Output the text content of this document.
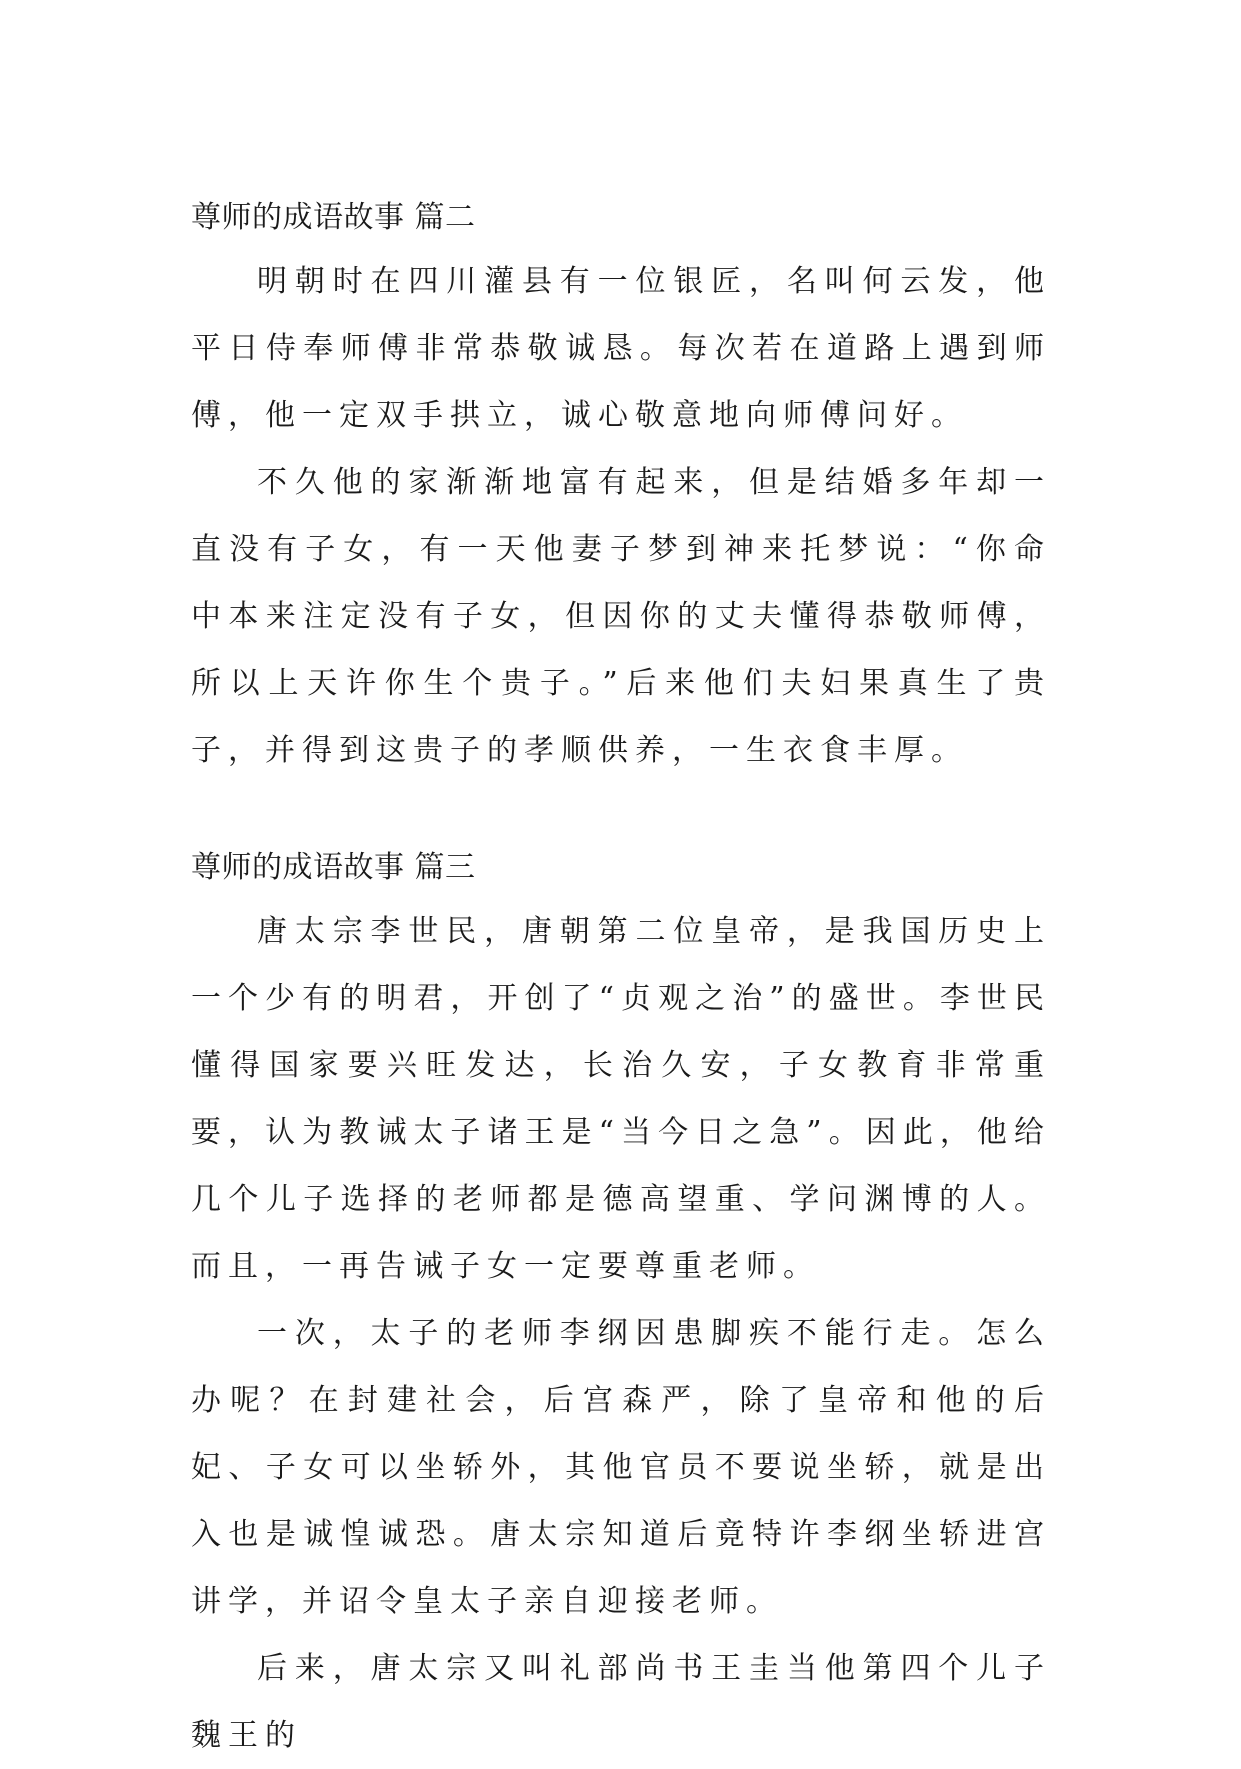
尊师的成语故事 篇二

明朝时在四川灌县有一位银匠，名叫何云发，他平日侍奉师傅非常恭敬诚恳。每次若在道路上遇到师傅，他一定双手拱立，诚心敬意地向师傅问好。

不久他的家渐渐地富有起来，但是结婚多年却一直没有子女，有一天他妻子梦到神来托梦说：“你命中本来注定没有子女，但因你的丈夫懂得恭敬师傅，所以上天许你生个贵子。”后来他们夫妇果真生了贵子，并得到这贵子的孝顺供养，一生衣食丰厚。

尊师的成语故事 篇三

唐太宗李世民，唐朝第二位皇帝，是我国历史上一个少有的明君，开创了“贞观之治”的盛世。李世民懂得国家要兴旺发达，长治久安，子女教育非常重要，认为教诫太子诸王是“当今日之急”。因此，他给几个儿子选择的老师都是德高望重、学问渊博的人。而且，一再告诫子女一定要尊重老师。

一次，太子的老师李纲因患脚疾不能行走。怎么办呢？在封建社会，后宫森严，除了皇帝和他的后妃、子女可以坐轿外，其他官员不要说坐轿，就是出入也是诚惶诚恐。唐太宗知道后竟特许李纲坐轿进宫讲学，并诏令皇太子亲自迎接老师。

后来，唐太宗又叫礼部尚书王圭当他第四个儿子魏王的
